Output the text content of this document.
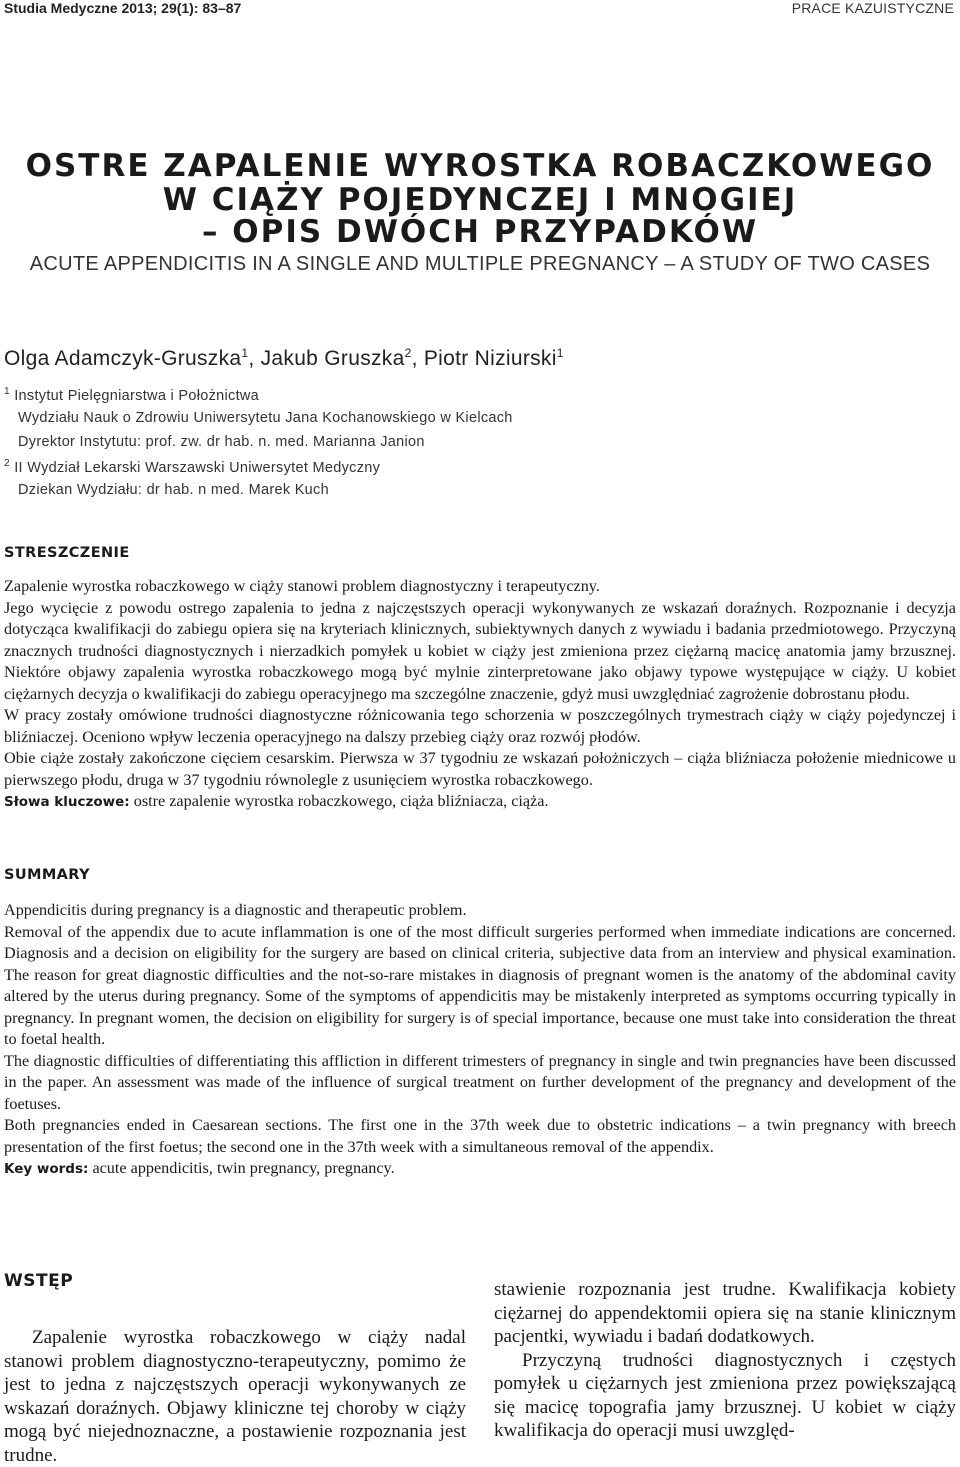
Studia Medyczne 2013; 29(1): 83–87	PRACE KAZUISTYCZNE
OSTRE ZAPALENIE WYROSTKA ROBACZKOWEGO
W CIĄŻY POJEDYNCZEJ I MNOGIEJ
– OPIS DWÓCH PRZYPADKÓW
ACUTE APPENDICITIS IN A SINGLE AND MULTIPLE PREGNANCY – A STUDY OF TWO CASES
Olga Adamczyk-Gruszka$^1$, Jakub Gruszka$^2$, Piotr Niziurski$^1$
$^1$ Instytut Pielęgniarstwa i Położnictwa
Wydziału Nauk o Zdrowiu Uniwersytetu Jana Kochanowskiego w Kielcach
Dyrektor Instytutu: prof. zw. dr hab. n. med. Marianna Janion
$^2$ II Wydział Lekarski Warszawski Uniwersytet Medyczny
Dziekan Wydziału: dr hab. n med. Marek Kuch
STRESZCZENIE

Zapalenie wyrostka robaczkowego w ciąży stanowi problem diagnostyczny i terapeutyczny.

Jego wycięcie z powodu ostrego zapalenia to jedna z najczęstszych operacji wykonywanych ze wskazań doraźnych. Rozpoznanie i decyzja dotycząca kwalifikacji do zabiegu opiera się na kryteriach klinicznych, subiektywnych danych z wywiadu i badania przedmiotowego. Przyczyną znacznych trudności diagnostycznych i nierzadkich pomyłek u kobiet w ciąży jest zmieniona przez ciężarną macicę anatomia jamy brzusznej. Niektóre objawy zapalenia wyrostka robaczkowego mogą być mylnie zinterpretowane jako objawy typowe występujące w ciąży. U kobiet ciężarnych decyzja o kwalifikacji do zabiegu operacyjnego ma szczególne znaczenie, gdyż musi uwzględniać zagrożenie dobrostanu płodu.

W pracy zostały omówione trudności diagnostyczne różnicowania tego schorzenia w poszczególnych trymestrach ciąży w ciąży pojedynczej i bliźniaczej. Oceniono wpływ leczenia operacyjnego na dalszy przebieg ciąży oraz rozwój płodów.

Obie ciąże zostały zakończone cięciem cesarskim. Pierwsza w 37 tygodniu ze wskazań położniczych – ciąża bliźniacza położenie miednicowe u pierwszego płodu, druga w 37 tygodniu równolegle z usunięciem wyrostka robaczkowego.

Słowa kluczowe: ostre zapalenie wyrostka robaczkowego, ciąża bliźniacza, ciąża.

SUMMARY

Appendicitis during pregnancy is a diagnostic and therapeutic problem.

Removal of the appendix due to acute inflammation is one of the most difficult surgeries performed when immediate indications are concerned. Diagnosis and a decision on eligibility for the surgery are based on clinical criteria, subjective data from an interview and physical examination. The reason for great diagnostic difficulties and the not-so-rare mistakes in diagnosis of pregnant women is the anatomy of the abdominal cavity altered by the uterus during pregnancy. Some of the symptoms of appendicitis may be mistakenly interpreted as symptoms occurring typically in pregnancy. In pregnant women, the decision on eligibility for surgery is of special importance, because one must take into consideration the threat to foetal health.

The diagnostic difficulties of differentiating this affliction in different trimesters of pregnancy in single and twin pregnancies have been discussed in the paper. An assessment was made of the influence of surgical treatment on further development of the pregnancy and development of the foetuses.

Both pregnancies ended in Caesarean sections. The first one in the 37th week due to obstetric indications – a twin pregnancy with breech presentation of the first foetus; the second one in the 37th week with a simultaneous removal of the appendix.

Key words: acute appendicitis, twin pregnancy, pregnancy.

WSTĘP

Zapalenie wyrostka robaczkowego w ciąży nadal stanowi problem diagnostyczno-terapeutyczny, pomimo że jest to jedna z najczęstszych operacji wykonywanych ze wskazań doraźnych. Objawy kliniczne tej choroby w ciąży mogą być niejednoznaczne, a postawienie rozpoznania jest trudne.

stawienie rozpoznania jest trudne. Kwalifikacja kobiety ciężarnej do appendektomii opiera się na stanie klinicznym pacjentki, wywiadu i badań dodatkowych.

Przyczyną trudności diagnostycznych i częstych pomyłek u ciężarnych jest zmieniona przez powiększającą się macicę topografia jamy brzusznej. U kobiet w ciąży kwalifikacja do operacji musi uwzględ-
